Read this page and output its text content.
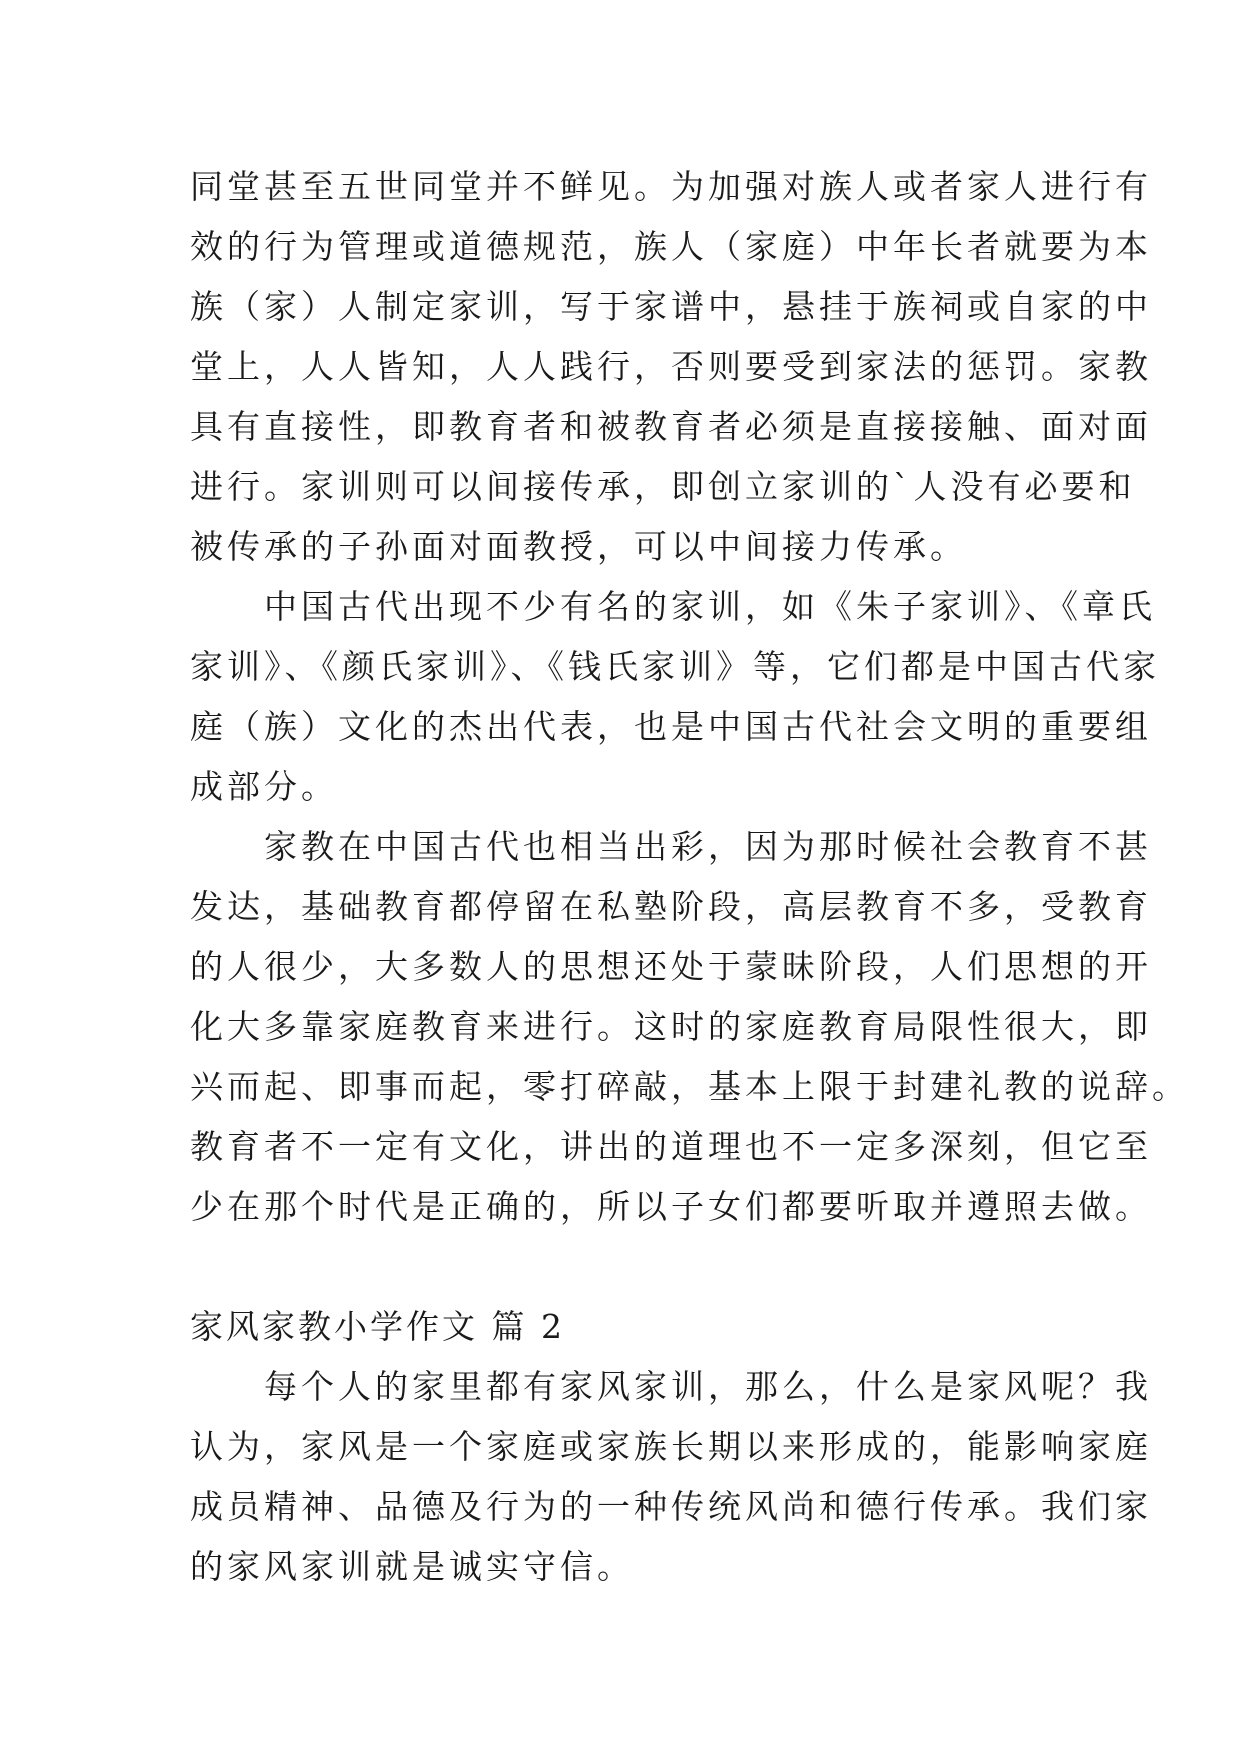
同堂甚至五世同堂并不鲜见。为加强对族人或者家人进行有
效的行为管理或道德规范，族人（家庭）中年长者就要为本
族（家）人制定家训，写于家谱中，悬挂于族祠或自家的中
堂上，人人皆知，人人践行，否则要受到家法的惩罚。家教
具有直接性，即教育者和被教育者必须是直接接触、面对面
进行。家训则可以间接传承，即创立家训的`人没有必要和
被传承的子孙面对面教授，可以中间接力传承。
　　中国古代出现不少有名的家训，如《朱子家训》、《章氏
家训》、《颜氏家训》、《钱氏家训》等，它们都是中国古代家
庭（族）文化的杰出代表，也是中国古代社会文明的重要组
成部分。
　　家教在中国古代也相当出彩，因为那时候社会教育不甚
发达，基础教育都停留在私塾阶段，高层教育不多，受教育
的人很少，大多数人的思想还处于蒙昧阶段，人们思想的开
化大多靠家庭教育来进行。这时的家庭教育局限性很大，即
兴而起、即事而起，零打碎敲，基本上限于封建礼教的说辞。
教育者不一定有文化，讲出的道理也不一定多深刻，但它至
少在那个时代是正确的，所以子女们都要听取并遵照去做。
家风家教小学作文 篇 2
　　每个人的家里都有家风家训，那么，什么是家风呢？我
认为，家风是一个家庭或家族长期以来形成的，能影响家庭
成员精神、品德及行为的一种传统风尚和德行传承。我们家
的家风家训就是诚实守信。
